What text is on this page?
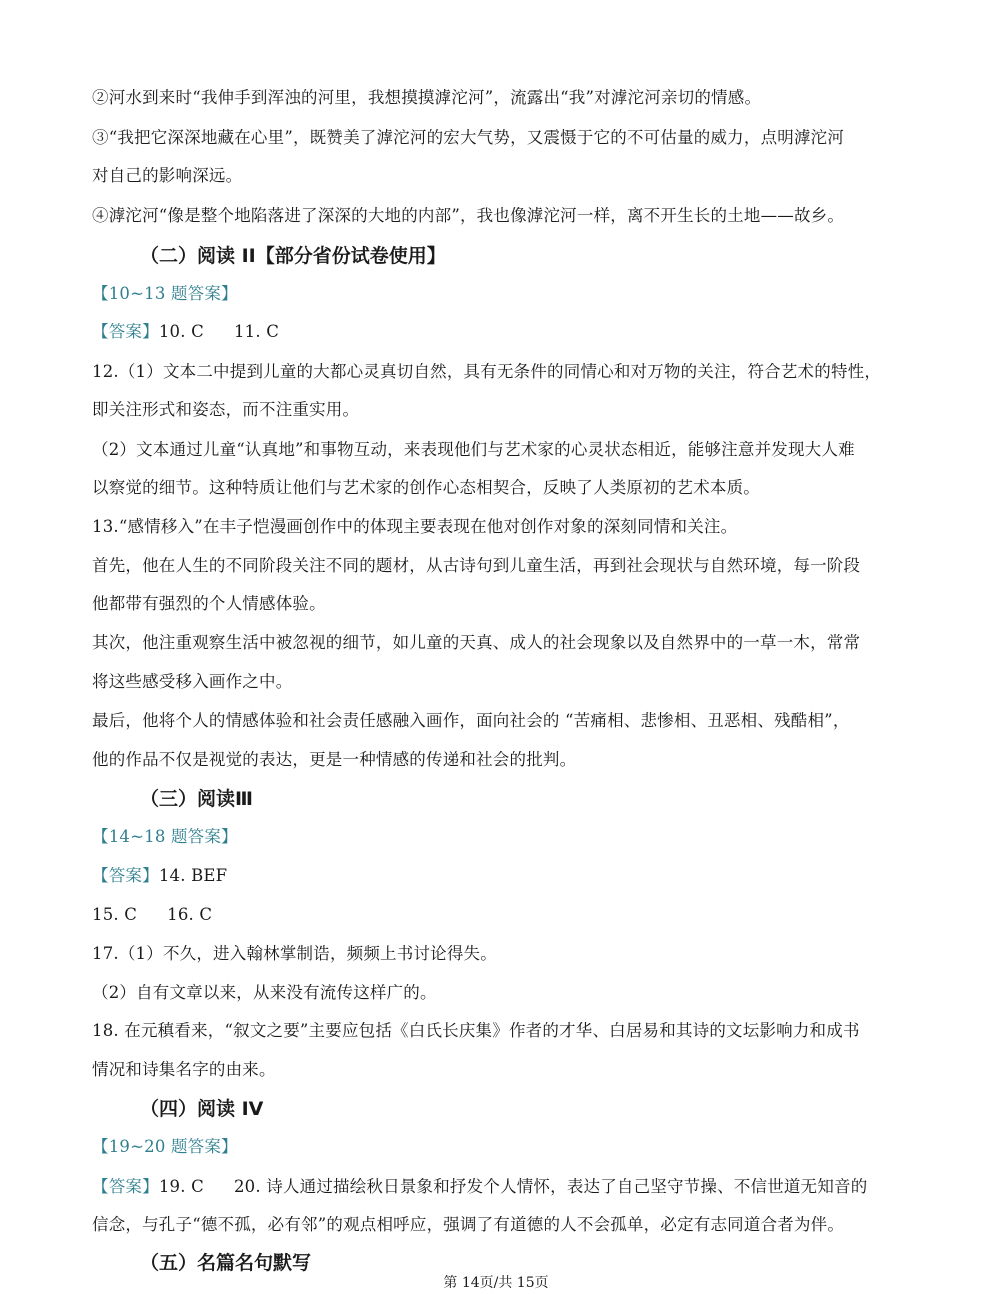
②河水到来时“我伸手到浑浊的河里，我想摸摸滹沱河”，流露出“我”对滹沱河亲切的情感。
③“我把它深深地藏在心里”，既赞美了滹沱河的宏大气势，又震慑于它的不可估量的威力，点明滹沱河
对自己的影响深远。
④滹沱河“像是整个地陷落进了深深的大地的内部”，我也像滹沱河一样，离不开生长的土地——故乡。
（二）阅读 II【部分省份试卷使用】
【10~13 题答案】
【答案】10. C 11. C
12.（1）文本二中提到儿童的大都心灵真切自然，具有无条件的同情心和对万物的关注，符合艺术的特性，
即关注形式和姿态，而不注重实用。
（2）文本通过儿童“认真地”和事物互动，来表现他们与艺术家的心灵状态相近，能够注意并发现大人难
以察觉的细节。这种特质让他们与艺术家的创作心态相契合，反映了人类原初的艺术本质。
13.“感情移入”在丰子恺漫画创作中的体现主要表现在他对创作对象的深刻同情和关注。
首先，他在人生的不同阶段关注不同的题材，从古诗句到儿童生活，再到社会现状与自然环境，每一阶段
他都带有强烈的个人情感体验。
其次，他注重观察生活中被忽视的细节，如儿童的天真、成人的社会现象以及自然界中的一草一木，常常
将这些感受移入画作之中。
最后，他将个人的情感体验和社会责任感融入画作，面向社会的 “苦痛相、悲惨相、丑恶相、残酷相”，
他的作品不仅是视觉的表达，更是一种情感的传递和社会的批判。
（三）阅读Ⅲ
【14~18 题答案】
【答案】14. BEF
15. C 16. C
17.（1）不久，进入翰林掌制诰，频频上书讨论得失。
（2）自有文章以来，从来没有流传这样广的。
18. 在元稹看来，“叙文之要”主要应包括《白氏长庆集》作者的才华、白居易和其诗的文坛影响力和成书
情况和诗集名字的由来。
（四）阅读 IV
【19~20 题答案】
【答案】19. C 20. 诗人通过描绘秋日景象和抒发个人情怀，表达了自己坚守节操、不信世道无知音的
信念，与孔子“德不孤，必有邻”的观点相呼应，强调了有道德的人不会孤单，必定有志同道合者为伴。
（五）名篇名句默写
第 14页/共 15页
